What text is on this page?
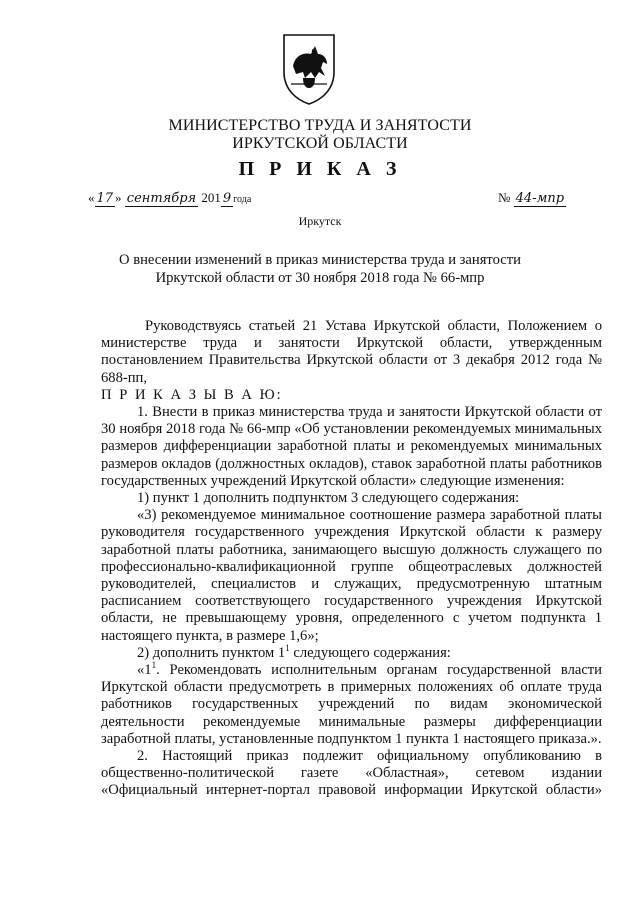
МИНИСТЕРСТВО ТРУДА И ЗАНЯТОСТИ
ИРКУТСКОЙ ОБЛАСТИ
П Р И К А З
« 17 » сентября 201 9 года	№ 44-мпр
Иркутск
О внесении изменений в приказ министерства труда и занятости
Иркутской области от 30 ноября 2018 года № 66-мпр

Руководствуясь статьей 21 Устава Иркутской области, Положением о министерстве труда и занятости Иркутской области, утвержденным постановлением Правительства Иркутской области от 3 декабря 2012 года № 688-пп,

П Р И К А З Ы В А Ю:

1. Внести в приказ министерства труда и занятости Иркутской области от 30 ноября 2018 года № 66-мпр «Об установлении рекомендуемых минимальных размеров дифференциации заработной платы и рекомендуемых минимальных размеров окладов (должностных окладов), ставок заработной платы работников государственных учреждений Иркутской области» следующие изменения:

1) пункт 1 дополнить подпунктом 3 следующего содержания:

«3) рекомендуемое минимальное соотношение размера заработной платы руководителя государственного учреждения Иркутской области к размеру заработной платы работника, занимающего высшую должность служащего по профессионально-квалификационной группе общеотраслевых должностей руководителей, специалистов и служащих, предусмотренную штатным расписанием соответствующего государственного учреждения Иркутской области, не превышающему уровня, определенного с учетом подпункта 1 настоящего пункта, в размере 1,6»;

2) дополнить пунктом $1^1$ следующего содержания:

«$1^1$. Рекомендовать исполнительным органам государственной власти Иркутской области предусмотреть в примерных положениях об оплате труда работников государственных учреждений по видам экономической деятельности рекомендуемые минимальные размеры дифференциации заработной платы, установленные подпунктом 1 пункта 1 настоящего приказа.».

2. Настоящий приказ подлежит официальному опубликованию в общественно-политической газете «Областная», сетевом издании «Официальный интернет-портал правовой информации Иркутской области»
